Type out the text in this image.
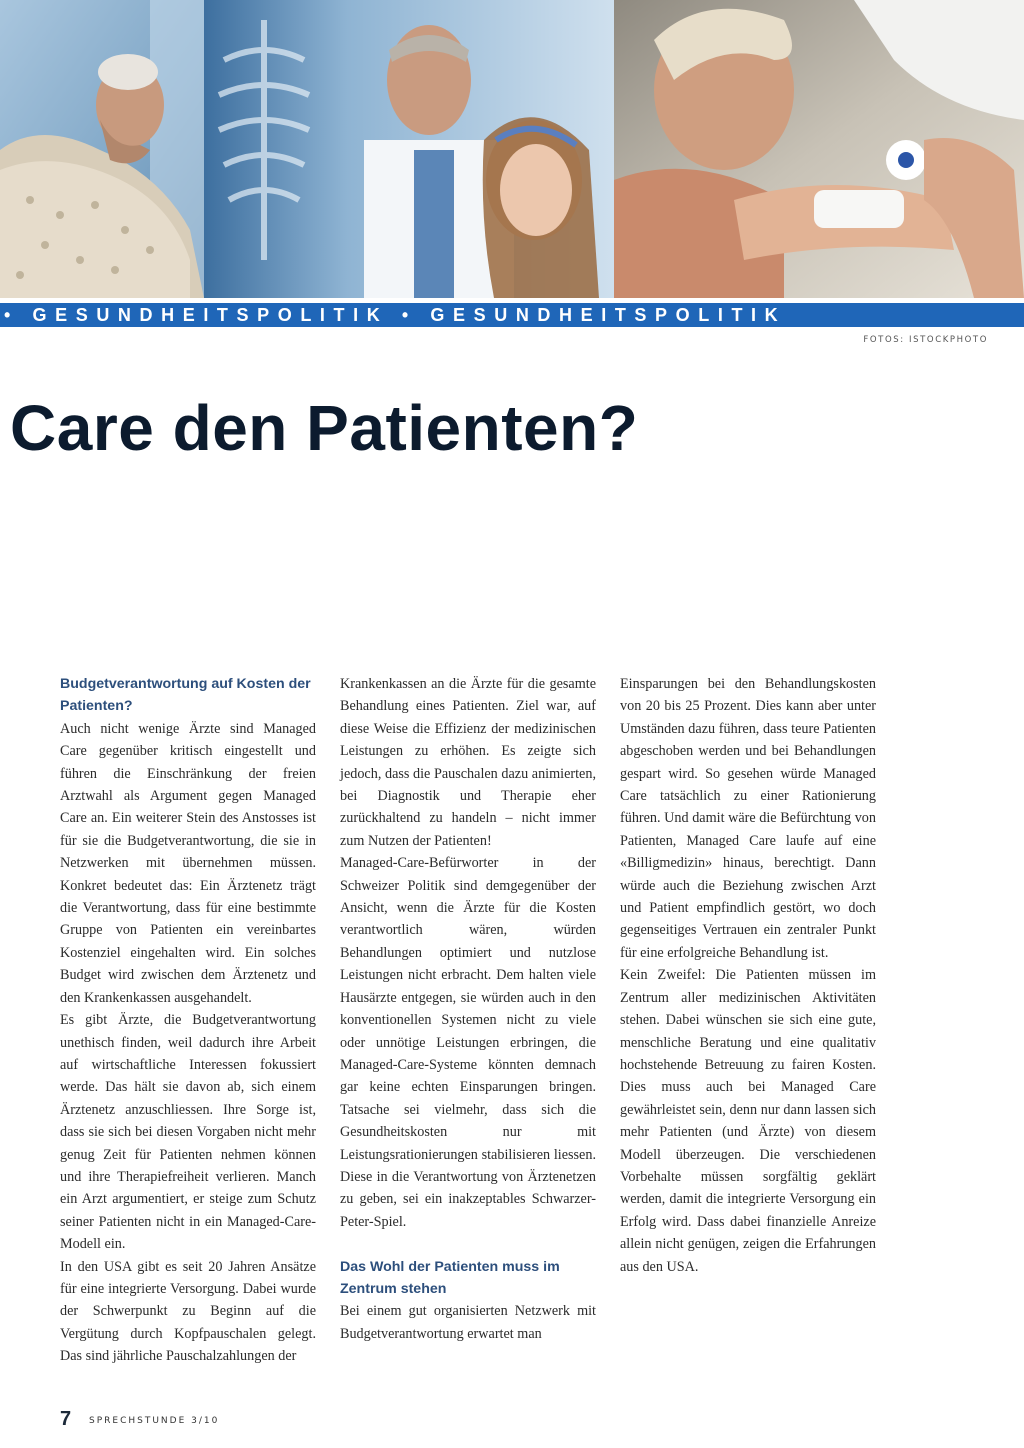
• GESUNDHEITSPOLITIK • GESUNDHEITSPOLITIK
FOTOS: ISTOCKPHOTO
Care den Patienten?
Budgetverantwortung auf Kosten der Patienten?

Auch nicht wenige Ärzte sind Managed Care gegenüber kritisch eingestellt und führen die Einschränkung der freien Arztwahl als Argument gegen Managed Care an. Ein weiterer Stein des Anstosses ist für sie die Budgetverantwortung, die sie in Netzwerken mit übernehmen müssen. Konkret bedeutet das: Ein Ärztenetz trägt die Verantwortung, dass für eine bestimmte Gruppe von Patienten ein vereinbartes Kostenziel eingehalten wird. Ein solches Budget wird zwischen dem Ärztenetz und den Krankenkassen ausgehandelt.

Es gibt Ärzte, die Budgetverantwortung unethisch finden, weil dadurch ihre Arbeit auf wirtschaftliche Interessen fokussiert werde. Das hält sie davon ab, sich einem Ärztenetz anzuschliessen. Ihre Sorge ist, dass sie sich bei diesen Vorgaben nicht mehr genug Zeit für Patienten nehmen können und ihre Therapiefreiheit verlieren. Manch ein Arzt argumentiert, er steige zum Schutz seiner Patienten nicht in ein Managed-Care-Modell ein.

In den USA gibt es seit 20 Jahren Ansätze für eine integrierte Versorgung. Dabei wurde der Schwerpunkt zu Beginn auf die Vergütung durch Kopfpauschalen gelegt. Das sind jährliche Pauschalzahlungen der

Krankenkassen an die Ärzte für die gesamte Behandlung eines Patienten. Ziel war, auf diese Weise die Effizienz der medizinischen Leistungen zu erhöhen. Es zeigte sich jedoch, dass die Pauschalen dazu animierten, bei Diagnostik und Therapie eher zurückhaltend zu handeln – nicht immer zum Nutzen der Patienten!

Managed-Care-Befürworter in der Schweizer Politik sind demgegenüber der Ansicht, wenn die Ärzte für die Kosten verantwortlich wären, würden Behandlungen optimiert und nutzlose Leistungen nicht erbracht. Dem halten viele Hausärzte entgegen, sie würden auch in den konventionellen Systemen nicht zu viele oder unnötige Leistungen erbringen, die Managed-Care-Systeme könnten demnach gar keine echten Einsparungen bringen. Tatsache sei vielmehr, dass sich die Gesundheitskosten nur mit Leistungsrationierungen stabilisieren liessen. Diese in die Verantwortung von Ärztenetzen zu geben, sei ein inakzeptables Schwarzer-Peter-Spiel.

Das Wohl der Patienten muss im Zentrum stehen

Bei einem gut organisierten Netzwerk mit Budgetverantwortung erwartet man

Einsparungen bei den Behandlungskosten von 20 bis 25 Prozent. Dies kann aber unter Umständen dazu führen, dass teure Patienten abgeschoben werden und bei Behandlungen gespart wird. So gesehen würde Managed Care tatsächlich zu einer Rationierung führen. Und damit wäre die Befürchtung von Patienten, Managed Care laufe auf eine «Billigmedizin» hinaus, berechtigt. Dann würde auch die Beziehung zwischen Arzt und Patient empfindlich gestört, wo doch gegenseitiges Vertrauen ein zentraler Punkt für eine erfolgreiche Behandlung ist.

Kein Zweifel: Die Patienten müssen im Zentrum aller medizinischen Aktivitäten stehen. Dabei wünschen sie sich eine gute, menschliche Beratung und eine qualitativ hochstehende Betreuung zu fairen Kosten. Dies muss auch bei Managed Care gewährleistet sein, denn nur dann lassen sich mehr Patienten (und Ärzte) von diesem Modell überzeugen. Die verschiedenen Vorbehalte müssen sorgfältig geklärt werden, damit die integrierte Versorgung ein Erfolg wird. Dass dabei finanzielle Anreize allein nicht genügen, zeigen die Erfahrungen aus den USA.

7 SPRECHSTUNDE 3/10
